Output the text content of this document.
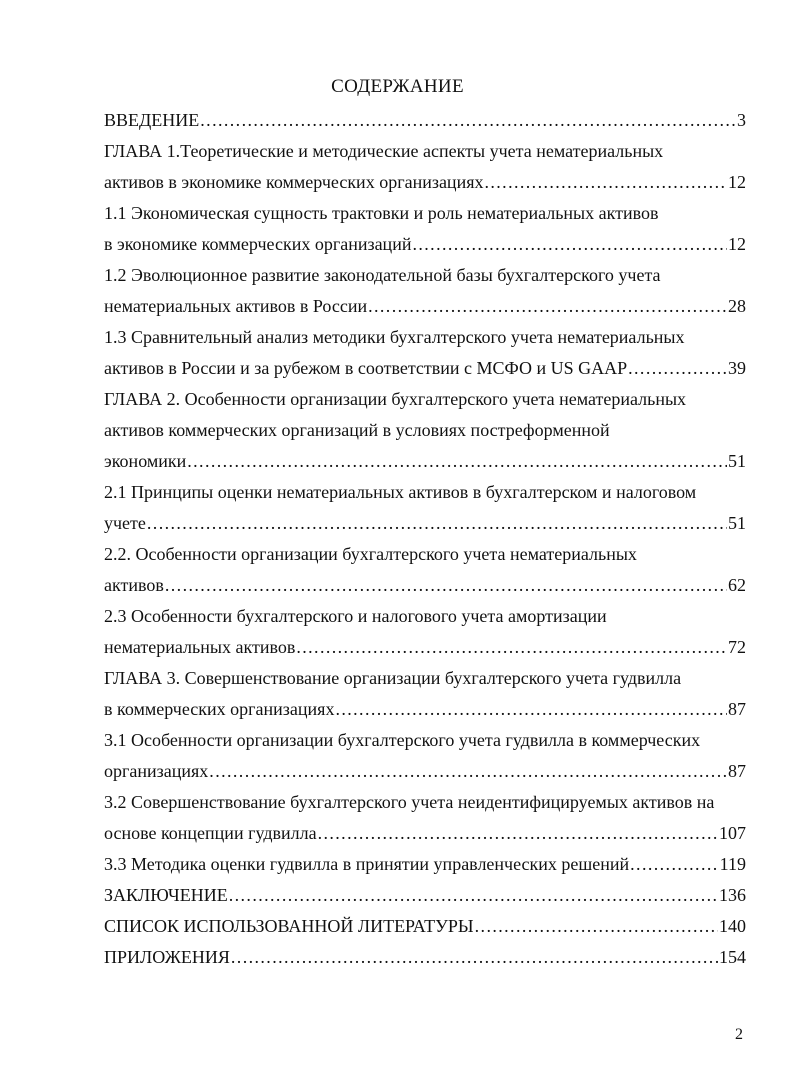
СОДЕРЖАНИЕ
ВВЕДЕНИЕ .....	3
ГЛАВА 1.Теоретические и методические аспекты учета нематериальных
активов в экономике коммерческих организациях .....	12
1.1 Экономическая сущность трактовки и роль нематериальных активов
в экономике коммерческих организаций .....	12
1.2 Эволюционное развитие законодательной базы бухгалтерского учета
нематериальных активов в России .....	28
1.3 Сравнительный анализ методики бухгалтерского учета нематериальных
активов в России и за рубежом в соответствии с МСФО и US GAAP .....	39
ГЛАВА 2. Особенности организации бухгалтерского учета нематериальных
активов коммерческих организаций в условиях постреформенной
экономики .....	51
2.1 Принципы оценки нематериальных активов в бухгалтерском и налоговом
учете .....	51
2.2. Особенности организации бухгалтерского учета нематериальных
активов .....	62
2.3 Особенности бухгалтерского и налогового учета амортизации
нематериальных активов .....	72
ГЛАВА 3. Совершенствование организации бухгалтерского учета гудвилла
в коммерческих организациях .....	87
3.1 Особенности организации бухгалтерского учета гудвилла в коммерческих
организациях .....	87
3.2 Совершенствование бухгалтерского учета неидентифицируемых активов на
основе концепции гудвилла .....	107
3.3 Методика оценки гудвилла в принятии управленческих решений .....	119
ЗАКЛЮЧЕНИЕ .....	136
СПИСОК ИСПОЛЬЗОВАННОЙ ЛИТЕРАТУРЫ .....	140
ПРИЛОЖЕНИЯ .....	154
2
